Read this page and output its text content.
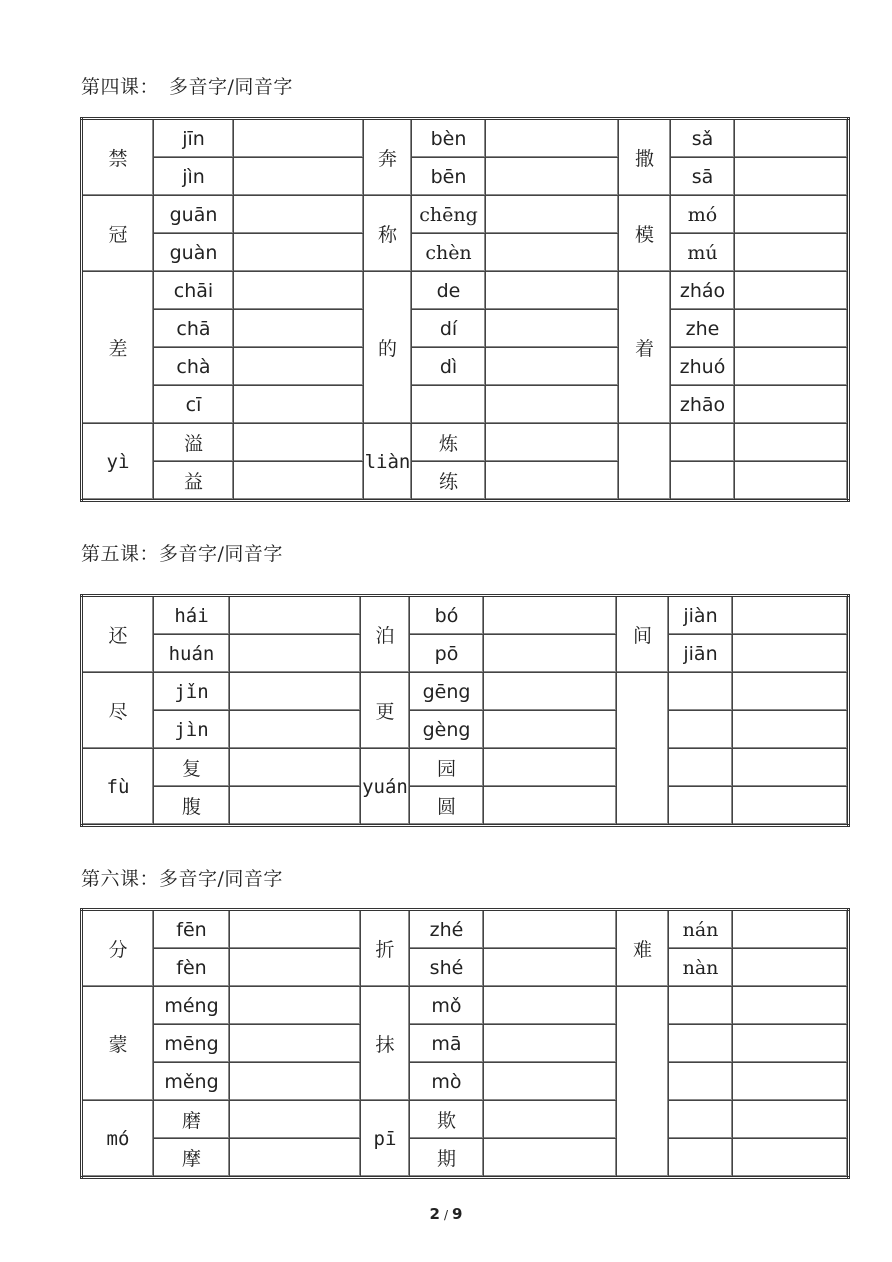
第四课：　多音字/同音字
禁	jīn		奔	bèn		撒	sǎ	
	jìn			bēn			sā	
冠	guān		称	chēng		模	mó	
	guàn			chèn			mú	
差	chāi		的	de		着	zháo	
	chā			dí			zhe	
	chà			dì			zhuó	
	cī						zhāo	
yì	溢		liàn	炼				
	益			练				
第五课：多音字/同音字
还	hái		泊	bó		间	jiàn	
	huán			pō			jiān	
尽	jǐn		更	gēng				
	jìn			gèng				
fù	复		yuán	园				
	腹			圆				
第六课：多音字/同音字
分	fēn		折	zhé		难	nán	
	fèn			shé			nàn	
蒙	méng		抹	mǒ				
	mēng			mā				
	měng			mò				
mó	磨		pī	欺				
	摩			期				
2 / 9
